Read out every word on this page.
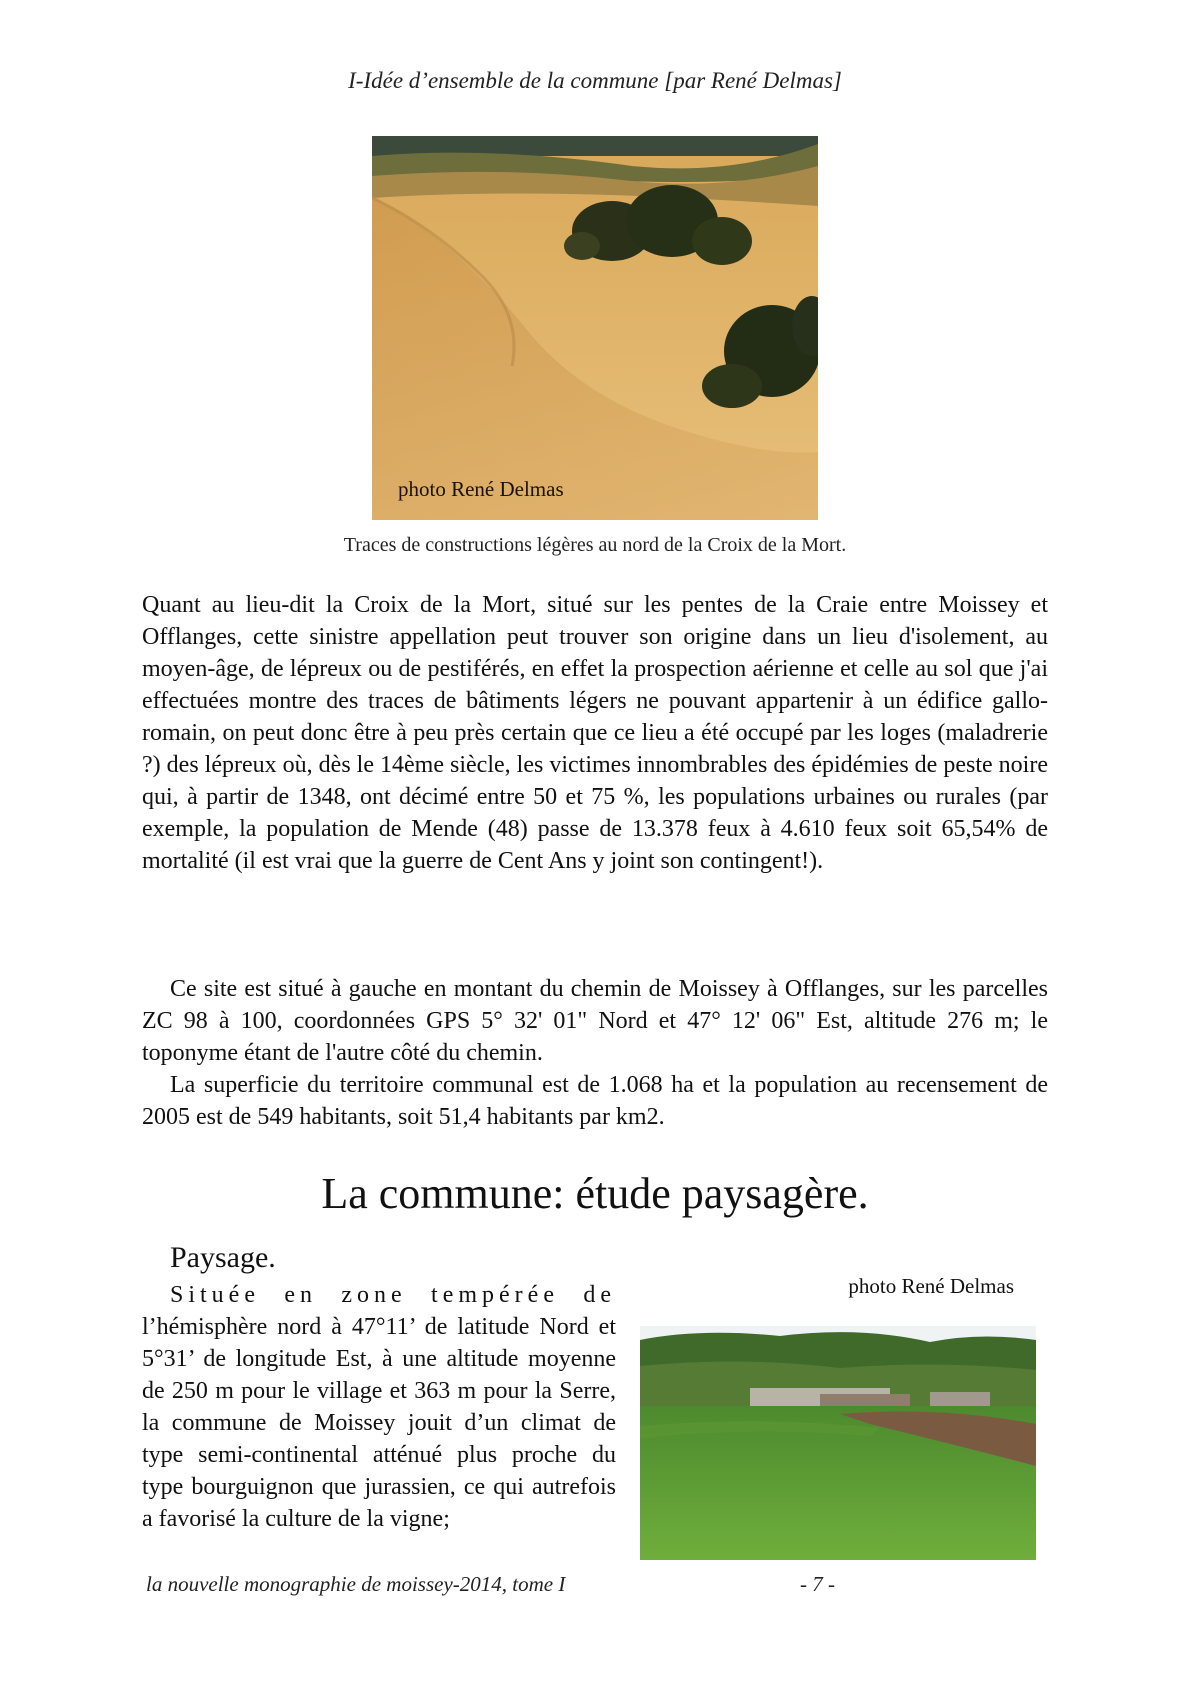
I-Idée d’ensemble de la commune [par René Delmas]
photo René Delmas
Traces de constructions légères au nord de la Croix de la Mort.

Quant au lieu-dit la Croix de la Mort, situé sur les pentes de la Craie entre Moissey et Offlanges, cette sinistre appellation peut trouver son origine dans un lieu d'isolement, au moyen-âge, de lépreux ou de pestiférés, en effet la prospection aérienne et celle au sol que j'ai effectuées montre des traces de bâtiments légers ne pouvant appartenir à un édifice gallo-romain, on peut donc être à peu près certain que ce lieu a été occupé par les loges (maladrerie ?) des lépreux où, dès le 14ème siècle, les victimes innombrables des épidémies de peste noire qui, à partir de 1348, ont décimé entre 50 et 75 %, les populations urbaines ou rurales (par exemple, la population de Mende (48) passe de 13.378 feux à 4.610 feux soit 65,54% de mortalité (il est vrai que la guerre de Cent Ans y joint son contingent!).

Ce site est situé à gauche en montant du chemin de Moissey à Offlanges, sur les parcelles ZC 98 à 100, coordonnées GPS 5° 32' 01" Nord et 47° 12' 06" Est, altitude 276 m; le toponyme étant de l'autre côté du chemin.

La superficie du territoire communal est de 1.068 ha et la population au recensement de 2005 est de 549 habitants, soit 51,4 habitants par km2.

La commune: étude paysagère.
Paysage.

Située en zone tempérée de l’hémisphère nord à 47°11’ de latitude Nord et 5°31’ de longitude Est, à une altitude moyenne de 250 m pour le village et 363 m pour la Serre, la commune de Moissey jouit d’un climat de type semi-continental atténué plus proche du type bourguignon que jurassien, ce qui autrefois a favorisé la culture de la vigne;

photo René Delmas
la nouvelle monographie de moissey-2014, tome I	- 7 -
